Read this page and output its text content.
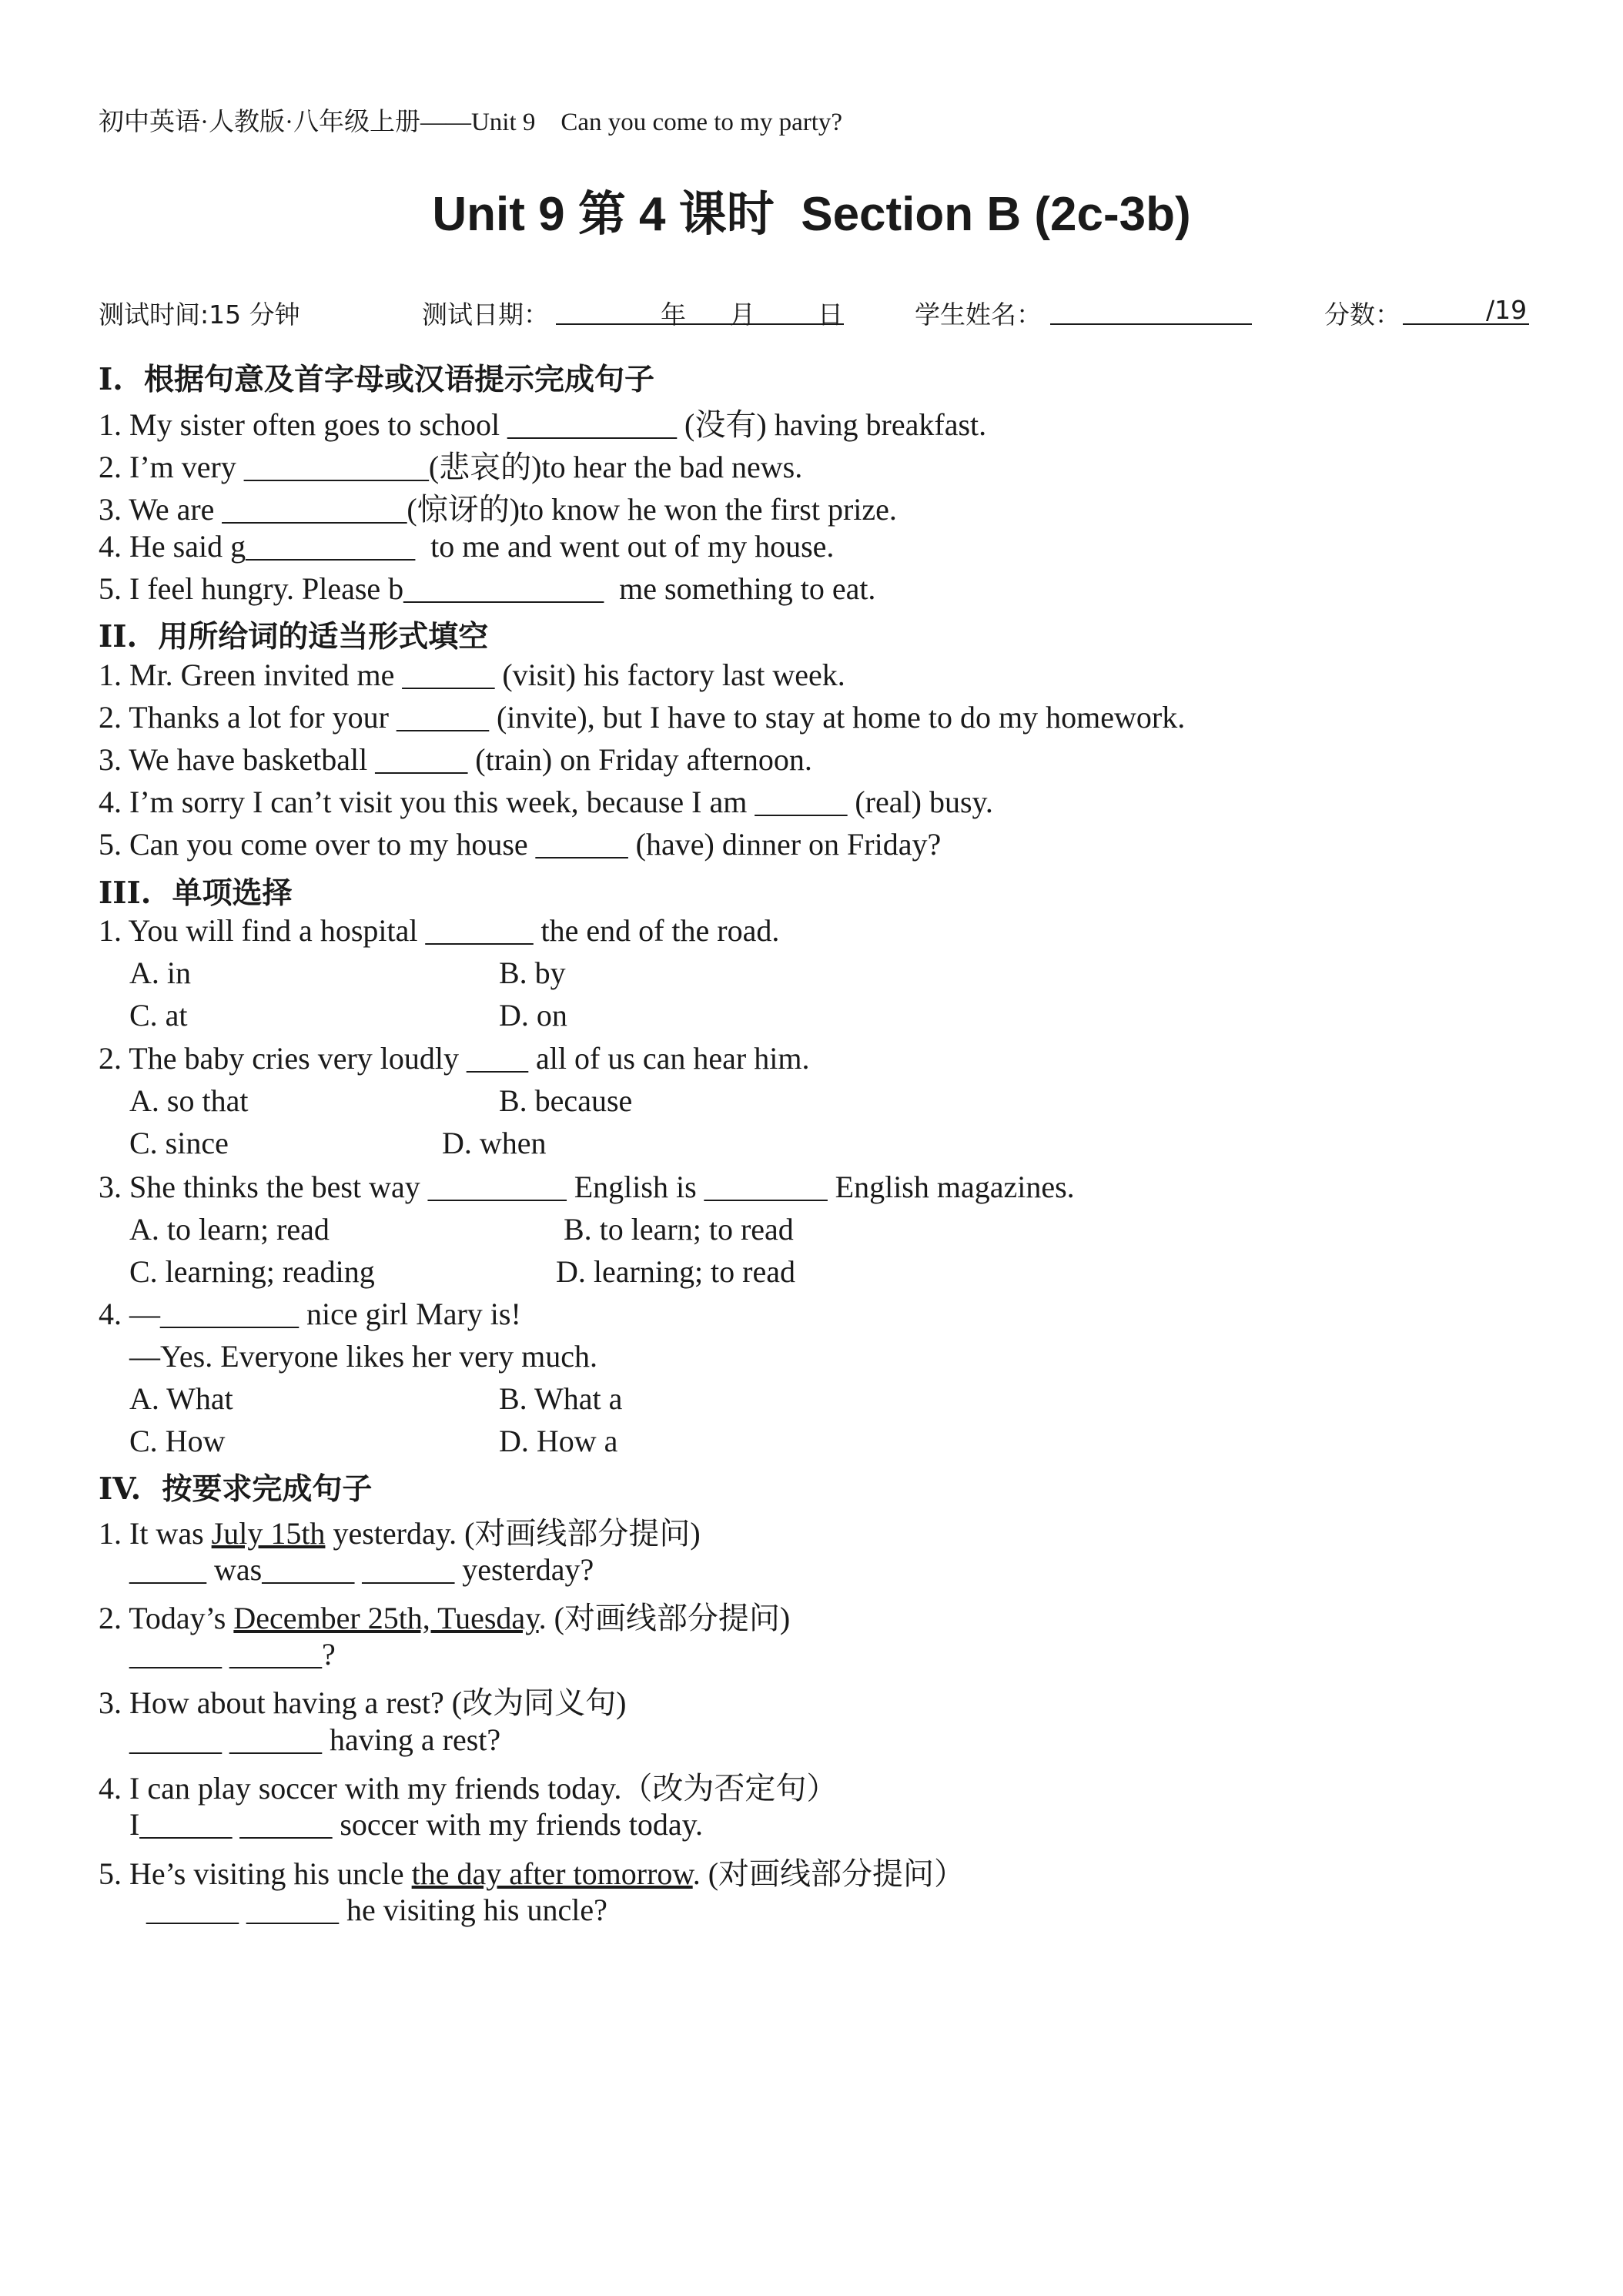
初中英语·人教版·八年级上册——Unit 9    Can you come to my party?
Unit 9 第 4 课时  Section B (2c-3b)
测试时间:15 分钟	测试日期：	年 月 日	学生姓名：	分数：	/19
I.  根据句意及首字母或汉语提示完成句子
1. My sister often goes to school ___________ (没有) having breakfast.
2. I’m very ____________(悲哀的)to hear the bad news.
3. We are ____________(惊讶的)to know he won the first prize.
4. He said g___________  to me and went out of my house.
5. I feel hungry. Please b_____________  me something to eat.
II.  用所给词的适当形式填空
1. Mr. Green invited me ______ (visit) his factory last week.
2. Thanks a lot for your ______ (invite), but I have to stay at home to do my homework.
3. We have basketball ______ (train) on Friday afternoon.
4. I’m sorry I can’t visit you this week, because I am ______ (real) busy.
5. Can you come over to my house ______ (have) dinner on Friday?
III.  单项选择
1. You will find a hospital _______ the end of the road.
A. in	B. by
C. at	D. on
2. The baby cries very loudly ____ all of us can hear him.
A. so that	B. because
C. since	D. when
3. She thinks the best way _________ English is ________ English magazines.
A. to learn; read	B. to learn; to read
C. learning; reading	D. learning; to read
4. —_________ nice girl Mary is!
—Yes. Everyone likes her very much.
A. What	B. What a
C. How	D. How a
IV.  按要求完成句子
1. It was July 15th yesterday. (对画线部分提问)
_____ was______ ______ yesterday?
2. Today’s December 25th, Tuesday. (对画线部分提问)
______ ______?
3. How about having a rest? (改为同义句)
______ ______ having a rest?
4. I can play soccer with my friends today.（改为否定句）
I______ ______ soccer with my friends today.
5. He’s visiting his uncle the day after tomorrow. (对画线部分提问）
______ ______ he visiting his uncle?
